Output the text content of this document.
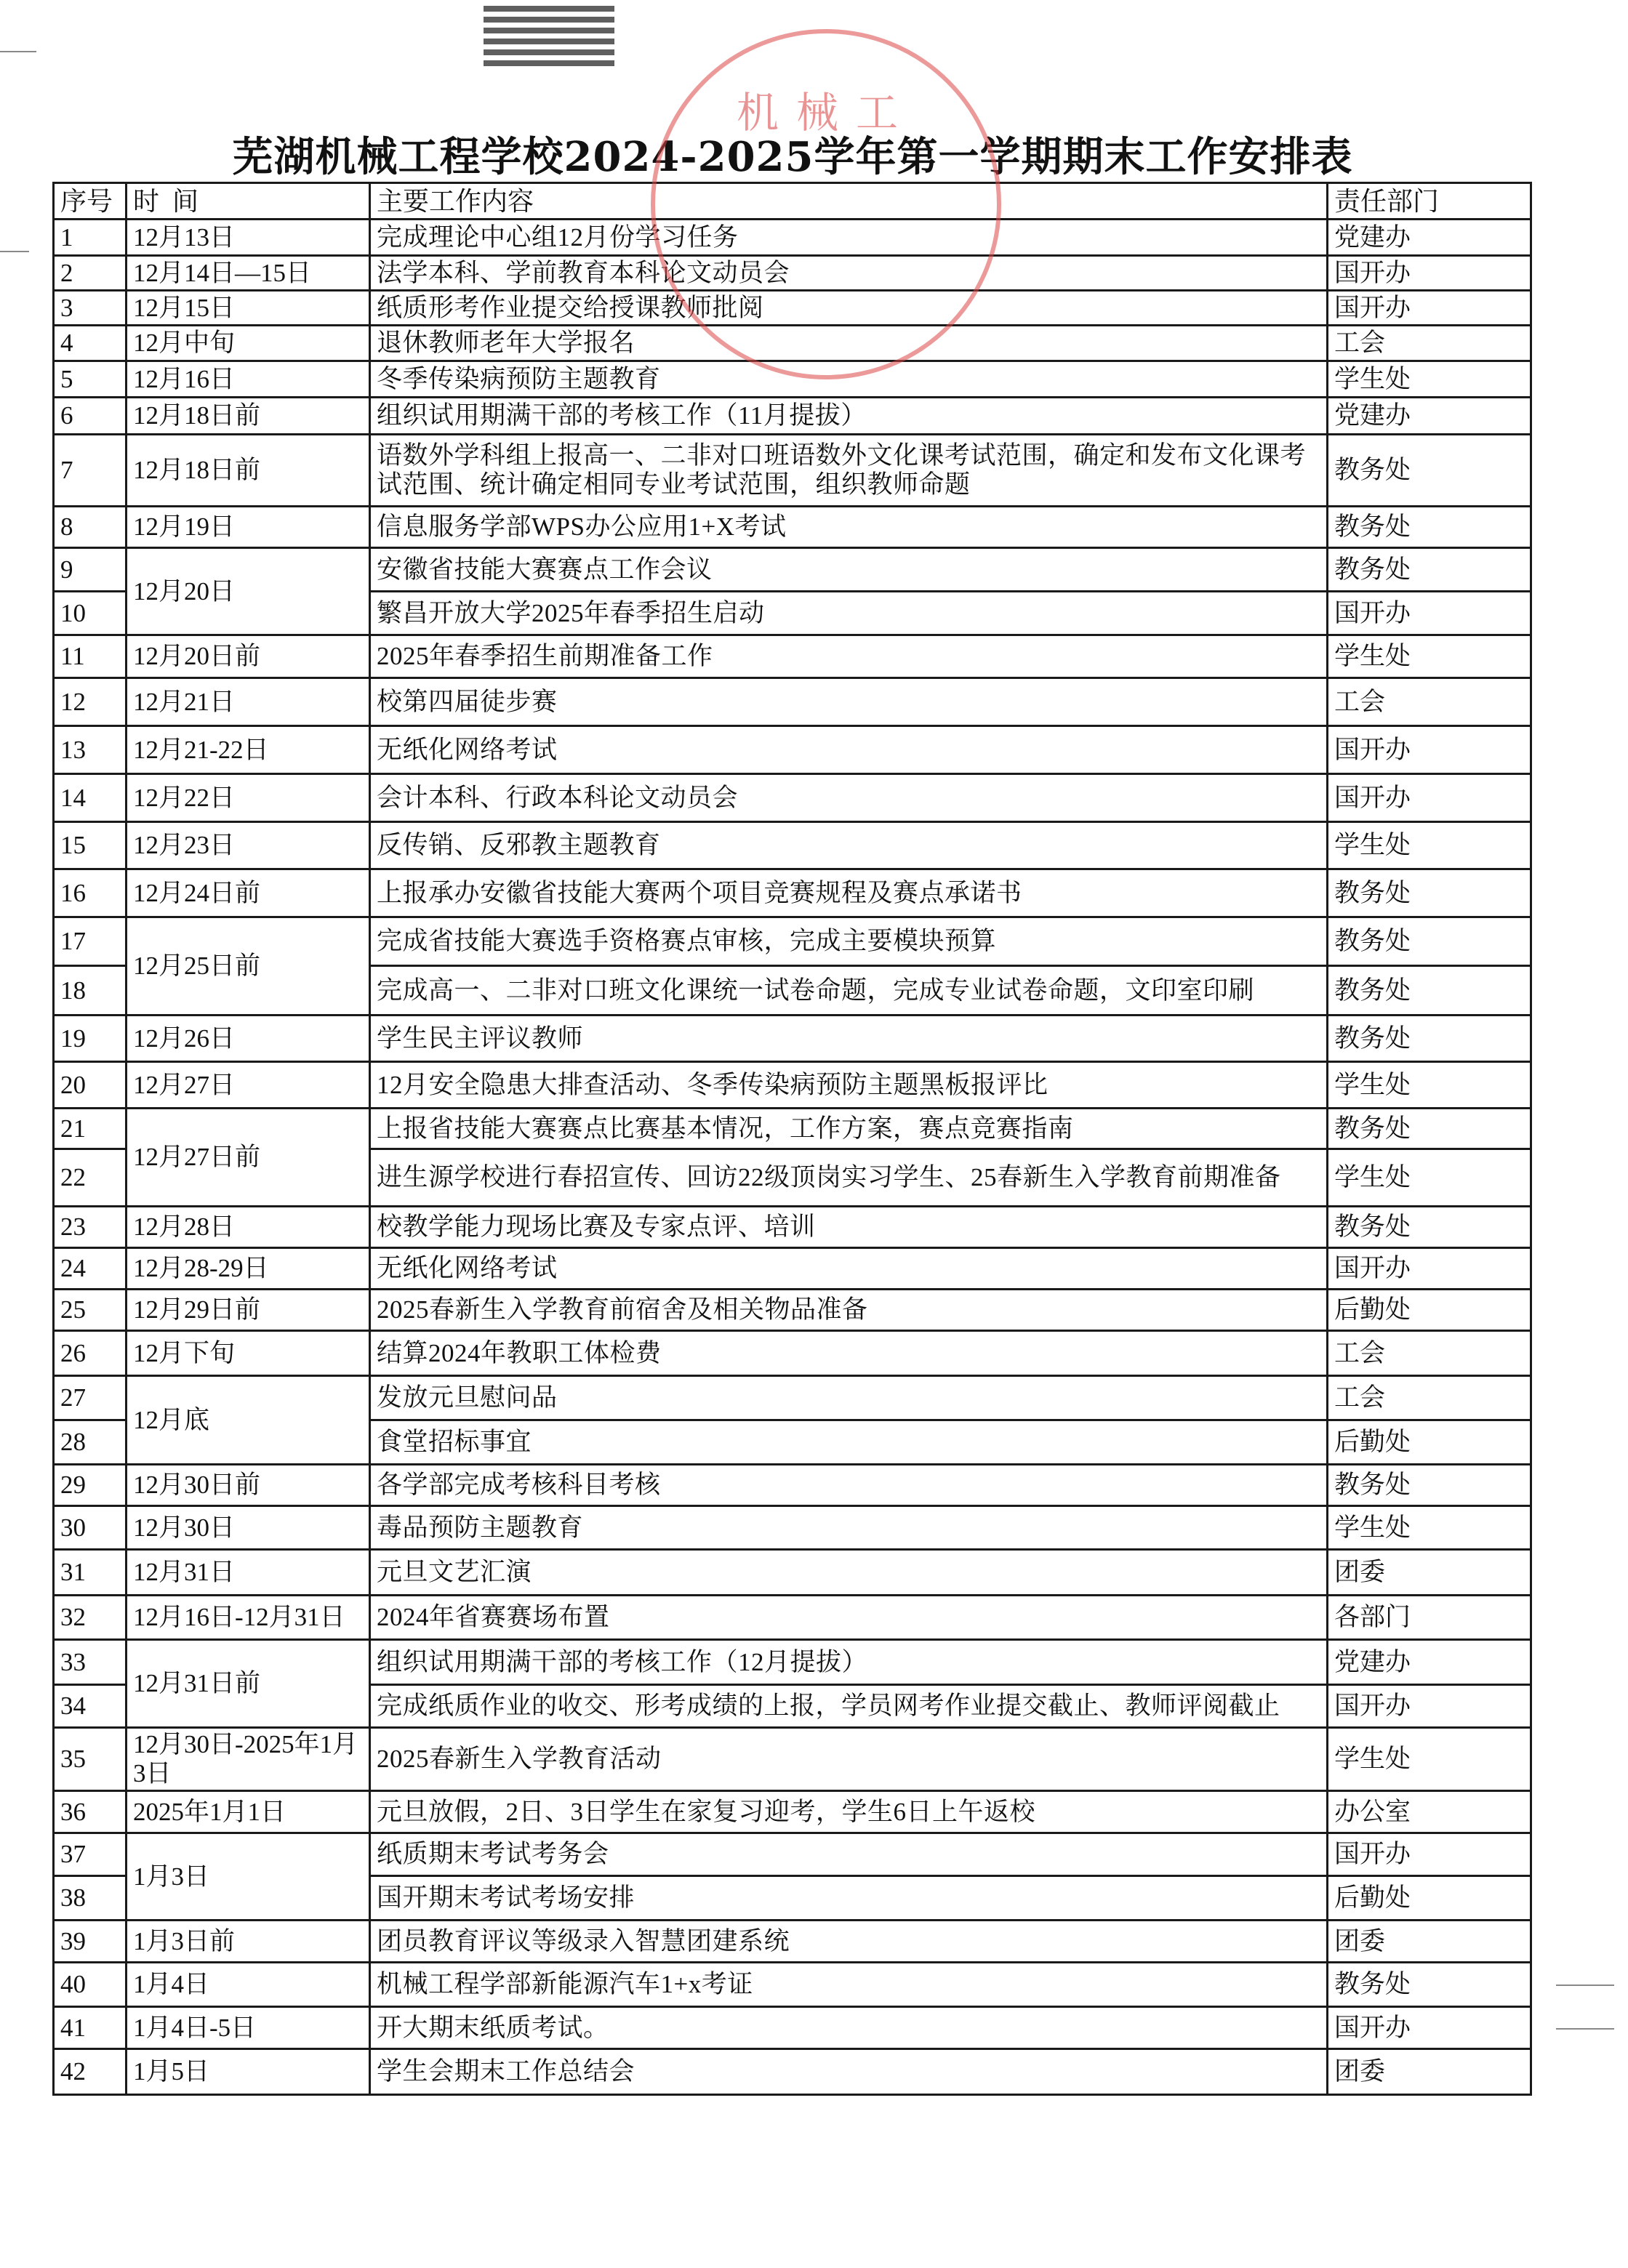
芜湖机械工程学校2024-2025学年第一学期期末工作安排表
序号	时  间	主要工作内容	责任部门
1	12月13日	完成理论中心组12月份学习任务	党建办
2	12月14日—15日	法学本科、学前教育本科论文动员会	国开办
3	12月15日	纸质形考作业提交给授课教师批阅	国开办
4	12月中旬	退休教师老年大学报名	工会
5	12月16日	冬季传染病预防主题教育	学生处
6	12月18日前	组织试用期满干部的考核工作（11月提拔）	党建办
7	12月18日前	语数外学科组上报高一、二非对口班语数外文化课考试范围，确定和发布文化课考试范围、统计确定相同专业考试范围，组织教师命题	教务处
8	12月19日	信息服务学部WPS办公应用1+X考试	教务处
9	12月20日	安徽省技能大赛赛点工作会议	教务处
10		繁昌开放大学2025年春季招生启动	国开办
11	12月20日前	2025年春季招生前期准备工作	学生处
12	12月21日	校第四届徒步赛	工会
13	12月21-22日	无纸化网络考试	国开办
14	12月22日	会计本科、行政本科论文动员会	国开办
15	12月23日	反传销、反邪教主题教育	学生处
16	12月24日前	上报承办安徽省技能大赛两个项目竞赛规程及赛点承诺书	教务处
17	12月25日前	完成省技能大赛选手资格赛点审核，完成主要模块预算	教务处
18		完成高一、二非对口班文化课统一试卷命题，完成专业试卷命题，文印室印刷	教务处
19	12月26日	学生民主评议教师	教务处
20	12月27日	12月安全隐患大排查活动、冬季传染病预防主题黑板报评比	学生处
21	12月27日前	上报省技能大赛赛点比赛基本情况，工作方案，赛点竞赛指南	教务处
22		进生源学校进行春招宣传、回访22级顶岗实习学生、25春新生入学教育前期准备	学生处
23	12月28日	校教学能力现场比赛及专家点评、培训	教务处
24	12月28-29日	无纸化网络考试	国开办
25	12月29日前	2025春新生入学教育前宿舍及相关物品准备	后勤处
26	12月下旬	结算2024年教职工体检费	工会
27	12月底	发放元旦慰问品	工会
28		食堂招标事宜	后勤处
29	12月30日前	各学部完成考核科目考核	教务处
30	12月30日	毒品预防主题教育	学生处
31	12月31日	元旦文艺汇演	团委
32	12月16日-12月31日	2024年省赛赛场布置	各部门
33	12月31日前	组织试用期满干部的考核工作（12月提拔）	党建办
34		完成纸质作业的收交、形考成绩的上报，学员网考作业提交截止、教师评阅截止	国开办
35	12月30日-2025年1月3日	2025春新生入学教育活动	学生处
36	2025年1月1日	元旦放假，2日、3日学生在家复习迎考，学生6日上午返校	办公室
37	1月3日	纸质期末考试考务会	国开办
38		国开期末考试考场安排	后勤处
39	1月3日前	团员教育评议等级录入智慧团建系统	团委
40	1月4日	机械工程学部新能源汽车1+x考证	教务处
41	1月4日-5日	开大期末纸质考试。	国开办
42	1月5日	学生会期末工作总结会	团委
机械工
